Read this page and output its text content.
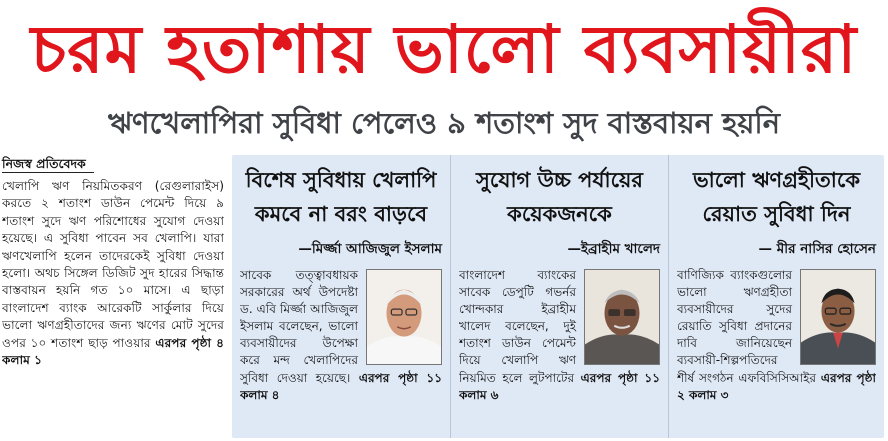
চরম হতাশায় ভালো ব্যবসায়ীরা
ঋণখেলাপিরা সুবিধা পেলেও ৯ শতাংশ সুদ বাস্তবায়ন হয়নি
নিজস্ব প্রতিবেদক
খেলাপি ঋণ নিয়মিতকরণ (রেগুলারাইস) করতে ২ শতাংশ ডাউন পেমেন্ট দিয়ে ৯ শতাংশ সুদে ঋণ পরিশোধের সুযোগ দেওয়া হয়েছে। এ সুবিধা পাবেন সব খেলাপি। যারা ঋণখেলাপি হলেন তাদেরকেই সুবিধা দেওয়া হলো। অথচ সিঙ্গেল ডিজিট সুদ হারের সিদ্ধান্ত বাস্তবায়ন হয়নি গত ১০ মাসে। এ ছাড়া বাংলাদেশ ব্যাংক আরেকটি সার্কুলার দিয়ে ভালো ঋণগ্রহীতাদের জন্য ঋণের মোট সুদের ওপর ১০ শতাংশ ছাড় পাওয়ার এরপর পৃষ্ঠা ৪ কলাম ১
বিশেষ সুবিধায় খেলাপি কমবে না বরং বাড়বে
—মির্জ্জা আজিজুল ইসলাম
সাবেক তত্ত্বাবধায়ক সরকারের অর্থ উপদেষ্টা ড. এবি মির্জ্জা আজিজুল ইসলাম বলেছেন, ভালো ব্যবসায়ীদের উপেক্ষা করে মন্দ খেলাপিদের সুবিধা দেওয়া হয়েছে। এরপর পৃষ্ঠা ১১ কলাম ৪
সুযোগ উচ্চ পর্যায়ের কয়েকজনকে
—ইব্রাহীম খালেদ
বাংলাদেশ ব্যাংকের সাবেক ডেপুটি গভর্নর খোন্দকার ইব্রাহীম খালেদ বলেছেন, দুই শতাংশ ডাউন পেমেন্ট দিয়ে খেলাপি ঋণ নিয়মিত হলে লুটপাটের এরপর পৃষ্ঠা ১১ কলাম ৬
ভালো ঋণগ্রহীতাকে রেয়াত সুবিধা দিন
— মীর নাসির হোসেন
বাণিজ্যিক ব্যাংকগুলোর ভালো ঋণগ্রহীতা ব্যবসায়ীদের সুদের রেয়াতি সুবিধা প্রদানের দাবি জানিয়েছেন ব্যবসায়ী-শিল্পপতিদের শীর্ষ সংগঠন এফবিসিসিআইর এরপর পৃষ্ঠা ২ কলাম ৩
